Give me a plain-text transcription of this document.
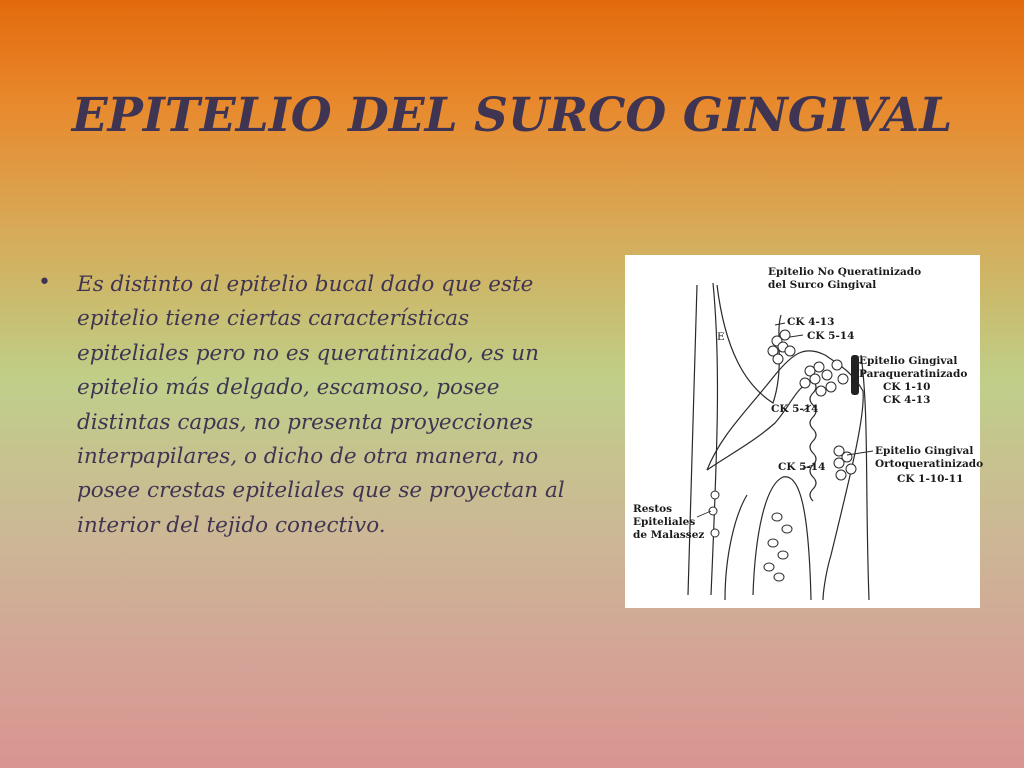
EPITELIO DEL SURCO GINGIVAL
• Es distinto al epitelio bucal dado que este epitelio tiene ciertas características epiteliales pero no es queratinizado, es un epitelio más delgado, escamoso, posee distintas capas, no presenta proyecciones interpapilares, o dicho de otra manera, no posee crestas epiteliales que se proyectan al interior del tejido conectivo.
Epitelio No Queratinizado
del Surco Gingival
CK 4-13
CK 5-14
E
Epitelio Gingival
Paraqueratinizado
CK 1-10
CK 4-13
CK 5-14
Epitelio Gingival
Ortoqueratinizado
CK 1-10-11
CK 5-14
Restos
Epiteliales
de Malassez
